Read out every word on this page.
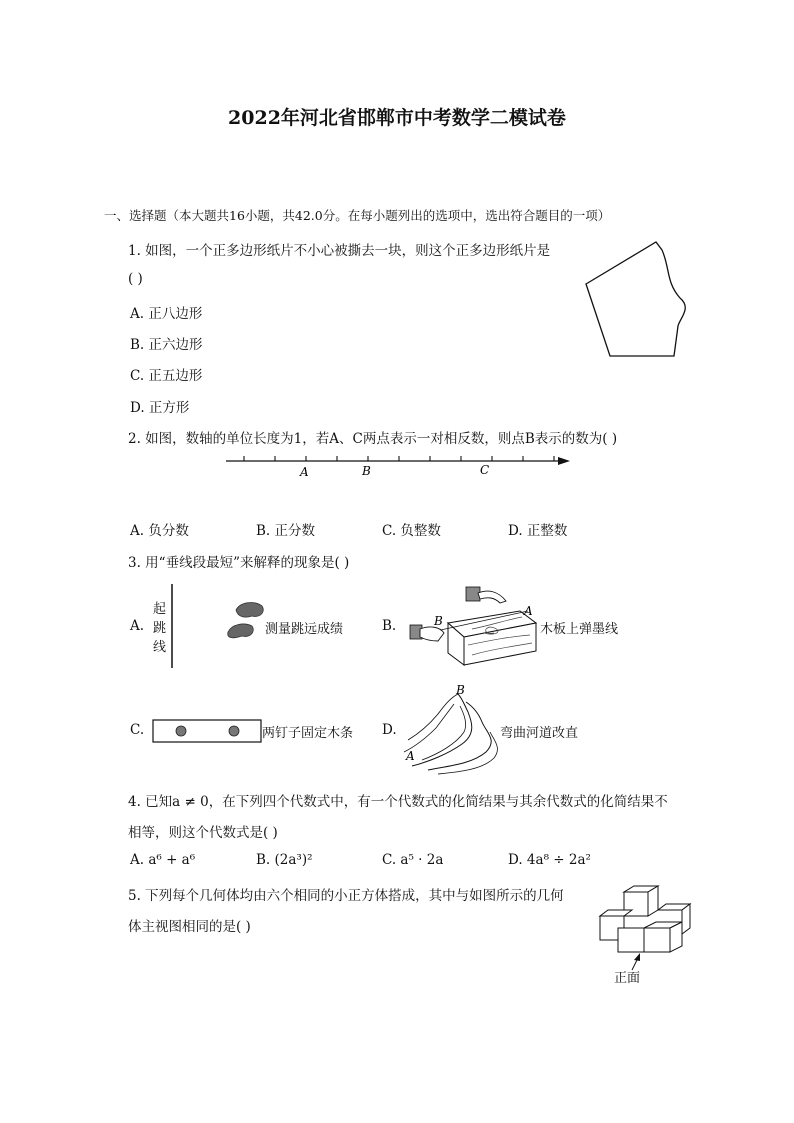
2022年河北省邯郸市中考数学二模试卷
一、选择题（本大题共16小题，共42.0分。在每小题列出的选项中，选出符合题目的一项）
1. 如图，一个正多边形纸片不小心被撕去一块，则这个正多边形纸片是
( )
A. 正八边形
B. 正六边形
C. 正五边形
D. 正方形
2. 如图，数轴的单位长度为1，若A、C两点表示一对相反数，则点B表示的数为( )
A	B	C
A. 负分数	B. 正分数	C. 负整数	D. 正整数
3. 用“垂线段最短”来解释的现象是( )
A.
起
跳
线
测量跳远成绩	B.	B
A
木板上弹墨线
C.	两钉子固定木条 D.
B
A
弯曲河道改直
4. 已知a ≠ 0，在下列四个代数式中，有一个代数式的化简结果与其余代数式的化简结果不
相等，则这个代数式是( )
A. a⁶ + a⁶	B. (2a³)²	C. a⁵ · 2a	D. 4a⁸ ÷ 2a²
5. 下列每个几何体均由六个相同的小正方体搭成，其中与如图所示的几何
体主视图相同的是( )
正面
